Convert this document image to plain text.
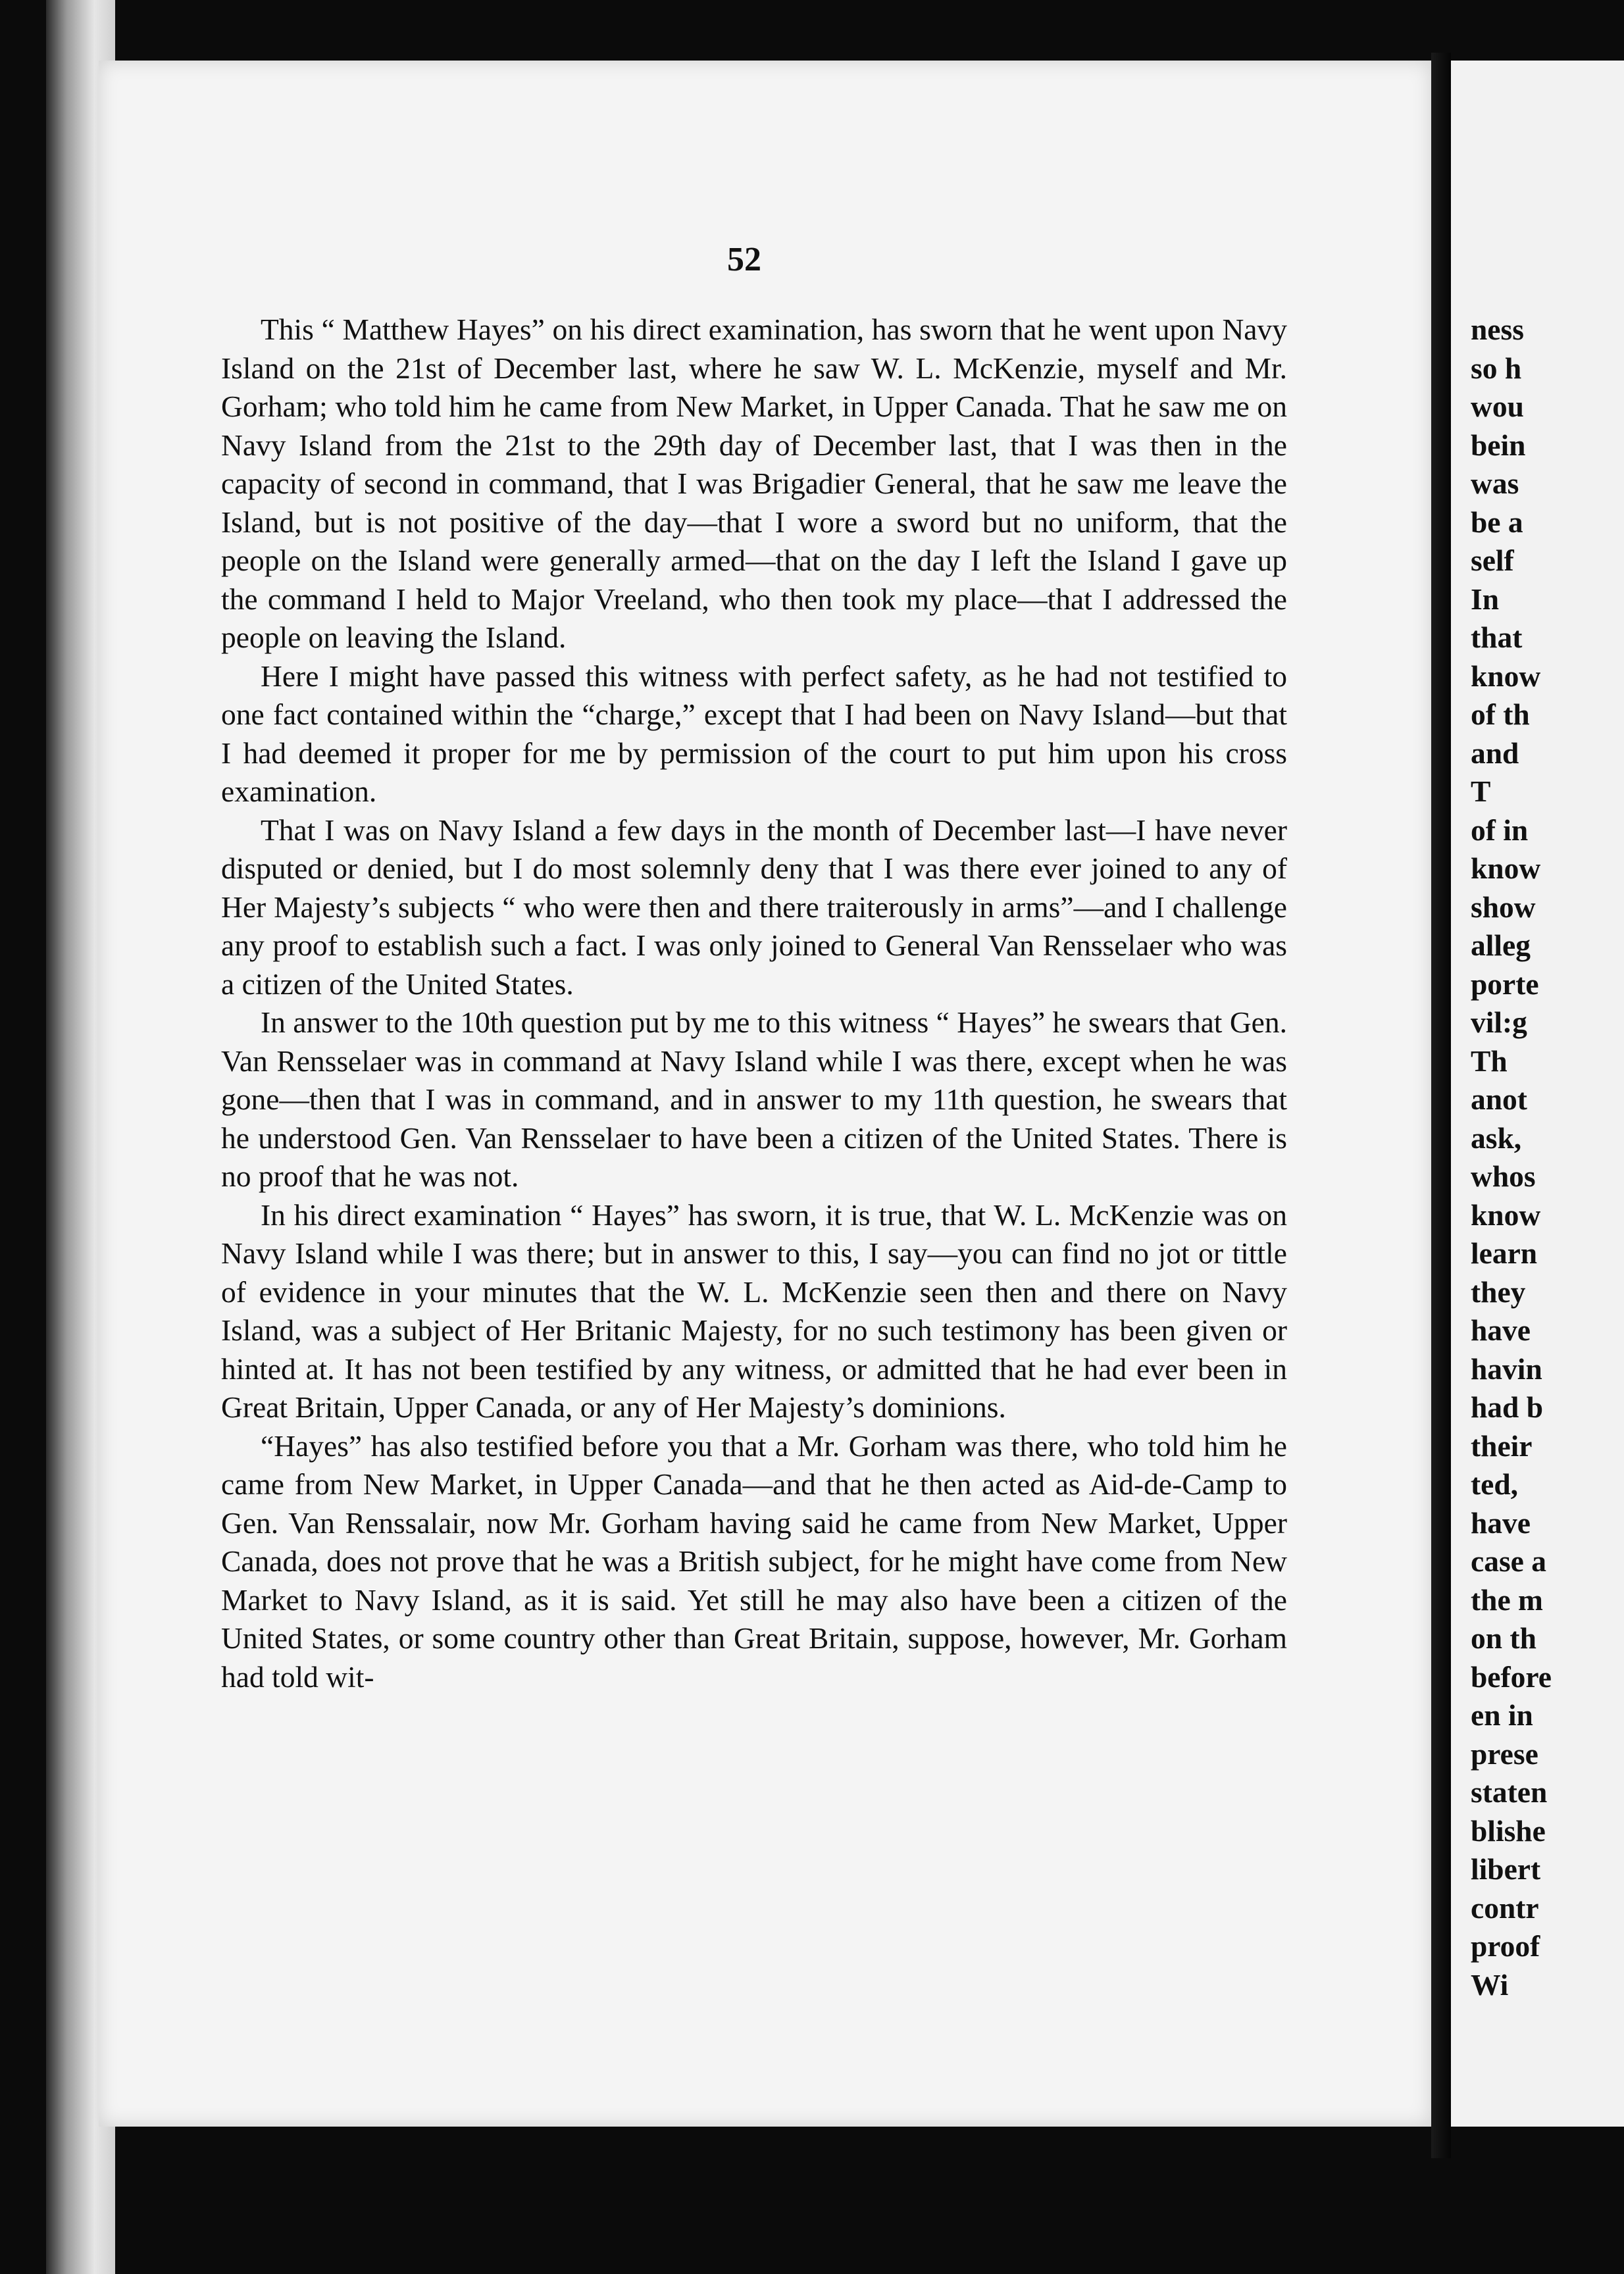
52

This “ Matthew Hayes” on his direct examination, has sworn that he went upon Navy Island on the 21st of December last, where he saw W. L. McKenzie, myself and Mr. Gorham; who told him he came from New Market, in Upper Canada. That he saw me on Navy Island from the 21st to the 29th day of December last, that I was then in the capacity of second in command, that I was Brigadier General, that he saw me leave the Island, but is not positive of the day—that I wore a sword but no uniform, that the people on the Island were generally armed—that on the day I left the Island I gave up the command I held to Major Vreeland, who then took my place—that I addressed the people on leaving the Island.

Here I might have passed this witness with perfect safety, as he had not testified to one fact contained within the “charge,” except that I had been on Navy Island—but that I had deemed it proper for me by permission of the court to put him upon his cross examination.

That I was on Navy Island a few days in the month of December last—I have never disputed or denied, but I do most solemnly deny that I was there ever joined to any of Her Majesty’s subjects “ who were then and there traiterously in arms”—and I challenge any proof to establish such a fact. I was only joined to General Van Rensselaer who was a citizen of the United States.

In answer to the 10th question put by me to this witness “ Hayes” he swears that Gen. Van Rensselaer was in command at Navy Island while I was there, except when he was gone—then that I was in command, and in answer to my 11th question, he swears that he understood Gen. Van Rensselaer to have been a citizen of the United States. There is no proof that he was not.

In his direct examination “ Hayes” has sworn, it is true, that W. L. McKenzie was on Navy Island while I was there; but in answer to this, I say—you can find no jot or tittle of evidence in your minutes that the W. L. McKenzie seen then and there on Navy Island, was a subject of Her Britanic Majesty, for no such testimony has been given or hinted at. It has not been testified by any witness, or admitted that he had ever been in Great Britain, Upper Canada, or any of Her Majesty’s dominions.

“Hayes” has also testified before you that a Mr. Gorham was there, who told him he came from New Market, in Upper Canada—and that he then acted as Aid-de-Camp to Gen. Van Renssalair, now Mr. Gorham having said he came from New Market, Upper Canada, does not prove that he was a British subject, for he might have come from New Market to Navy Island, as it is said. Yet still he may also have been a citizen of the United States, or some country other than Great Britain, suppose, however, Mr. Gorham had told wit-

ness
so h
wou
bein
was
be a
self
In
that
know
of th
and
T
of in
know
show
alleg
porte
vil:g
Th
anot
ask,
whos
know
learn
they
have
havin
had b
their
ted,
have
case a
the m
on th
before
en in
prese
staten
blishe
libert
contr
proof
Wi
